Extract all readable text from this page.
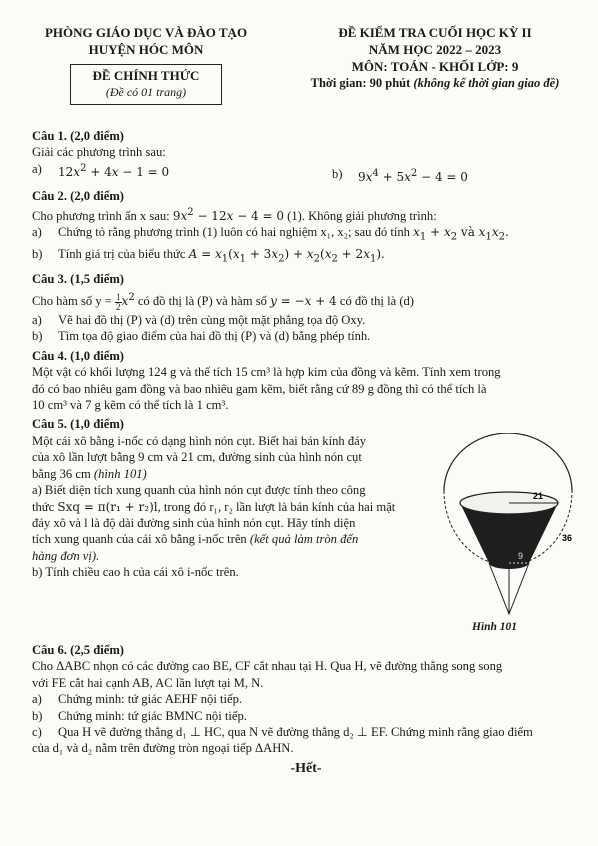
PHÒNG GIÁO DỤC VÀ ĐÀO TẠO
HUYỆN HÓC MÔN
ĐỀ CHÍNH THỨC
(Đề có 01 trang)
ĐỀ KIỂM TRA CUỐI HỌC KỲ II
NĂM HỌC 2022 – 2023
MÔN: TOÁN - KHỐI LỚP: 9
Thời gian: 90 phút (không kể thời gian giao đề)
Câu 1. (2,0 điểm)
Giải các phương trình sau:
a)	$12x^2 + 4x - 1 = 0$	b)	$9x^4 + 5x^2 - 4 = 0$
Câu 2. (2,0 điểm)
Cho phương trình ẩn x sau: $9x^2 - 12x - 4 = 0$ (1). Không giải phương trình:
a)	Chứng tỏ rằng phương trình (1) luôn có hai nghiệm x₁, x₂; sau đó tính $x_1 + x_2$ và $x_1x_2$.
b)	Tính giá trị của biểu thức $A = x_1(x_1 + 3x_2) + x_2(x_2 + 2x_1)$.
Câu 3. (1,5 điểm)
Cho hàm số $y = \frac{1}{2} x^2$ có đồ thị là (P) và hàm số y = −x + 4 có đồ thị là (d)
a)	Vẽ hai đồ thị (P) và (d) trên cùng một mặt phẳng tọa độ Oxy.
b)	Tìm tọa độ giao điểm của hai đồ thị (P) và (d) bằng phép tính.
Câu 4. (1,0 điểm)
Một vật có khối lượng 124 g và thể tích 15 cm³ là hợp kim của đồng và kẽm. Tính xem trong
đó có bao nhiêu gam đồng và bao nhiêu gam kẽm, biết rằng cứ 89 g đồng thì có thể tích là
10 cm³ và 7 g kẽm có thể tích là 1 cm³.
Câu 5. (1,0 điểm)
Một cái xô bằng i-nốc có dạng hình nón cụt. Biết hai bán kính đáy
của xô lần lượt bằng 9 cm và 21 cm, đường sinh của hình nón cụt
bằng 36 cm (hình 101)
a) Biết diện tích xung quanh của hình nón cụt được tính theo công
thức Sxq = π(r₁ + r₂)l, trong đó r₁, r₂ lần lượt là bán kính của hai mặt
đáy xô và l là độ dài đường sinh của hình nón cụt. Hãy tính diện
tích xung quanh của cái xô bằng i-nốc trên (kết quả làm tròn đến
hàng đơn vị).
b) Tính chiều cao h của cái xô i-nốc trên.
21
36
9
Hình 101
Câu 6. (2,5 điểm)
Cho ΔABC nhọn có các đường cao BE, CF cắt nhau tại H. Qua H, vẽ đường thẳng song song
với FE cắt hai cạnh AB, AC lần lượt tại M, N.
a)	Chứng minh: tứ giác AEHF nội tiếp.
b)	Chứng minh: tứ giác BMNC nội tiếp.
c)	Qua H vẽ đường thẳng d₁ ⊥ HC, qua N vẽ đường thẳng d₂ ⊥ EF. Chứng minh rằng giao điểm
của d₁ và d₂ nằm trên đường tròn ngoại tiếp ΔAHN.
-Hết-
